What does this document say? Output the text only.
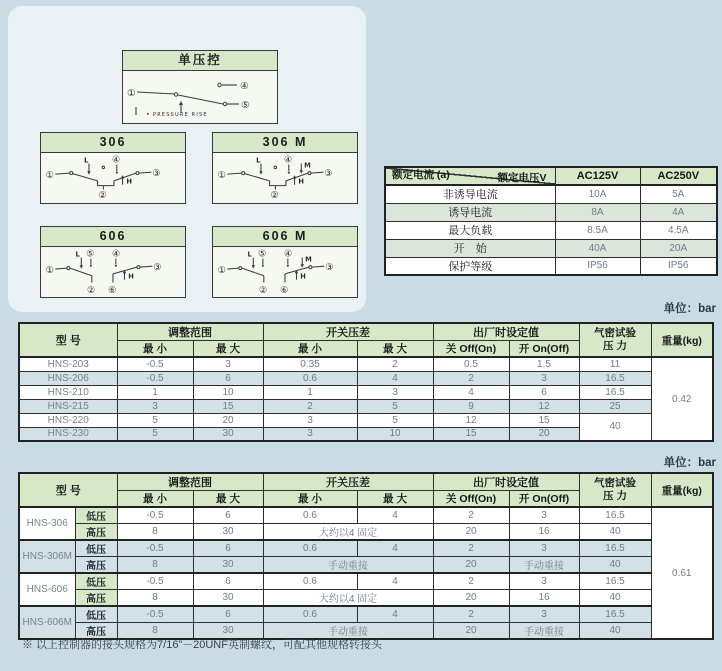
单压控
①
④
⑤
PRESSURE RISE
306
①
②
③
④
L
H
306 M
①
②
③
④
L
H
M
606
①
②
③
④
⑤
⑥
L
H
606 M
①
②
③
④
⑤
⑥
L
H
M
额定电压V
额定电流 (a)	AC125V	AC250V
非诱导电流	10A	5A
诱导电流	8A	4A
最大负载	8.5A	4.5A
开　始	40A	20A
保护等级	IP56	IP56
单位：bar
型 号	调整范围		开关压差		出厂时设定值		气密试验
压 力	重量(kg)
	最 小	最 大	最 小	最 大	关 Off(On)	开 On(Off)		
HNS-203	-0.5	3	0.35	2	0.5	1.5	11	0.42
HNS-206	-0.5	6	0.6	4	2	3	16.5	
HNS-210	1	10	1	3	4	6	16.5	
HNS-215	3	15	2	5	9	12	25	
HNS-220	5	20	3	5	12	15	40	
HNS-230	5	30	3	10	15	20		
单位：bar
型 号		调整范围		开关压差		出厂时设定值		气密试验
压 力	重量(kg)
		最 小	最 大	最 小	最 大	关 Off(On)	开 On(Off)		
HNS-306	低压	-0.5	6	0.6	4	2	3	16.5	0.61
	高压	8	30	大约以4 固定		20	16	40	
HNS-306M	低压	-0.5	6	0.6	4	2	3	16.5	
	高压	8	30	手动重接		20	手动重接	40	
HNS-606	低压	-0.5	6	0.6	4	2	3	16.5	
	高压	8	30	大约以4 固定		20	16	40	
HNS-606M	低压	-0.5	6	0.6	4	2	3	16.5	
	高压	8	30	手动重接		20	手动重接	40	
※ 以上控制器的接头规格为7/16”－20UNF英制螺纹，可配其他规格转接头
